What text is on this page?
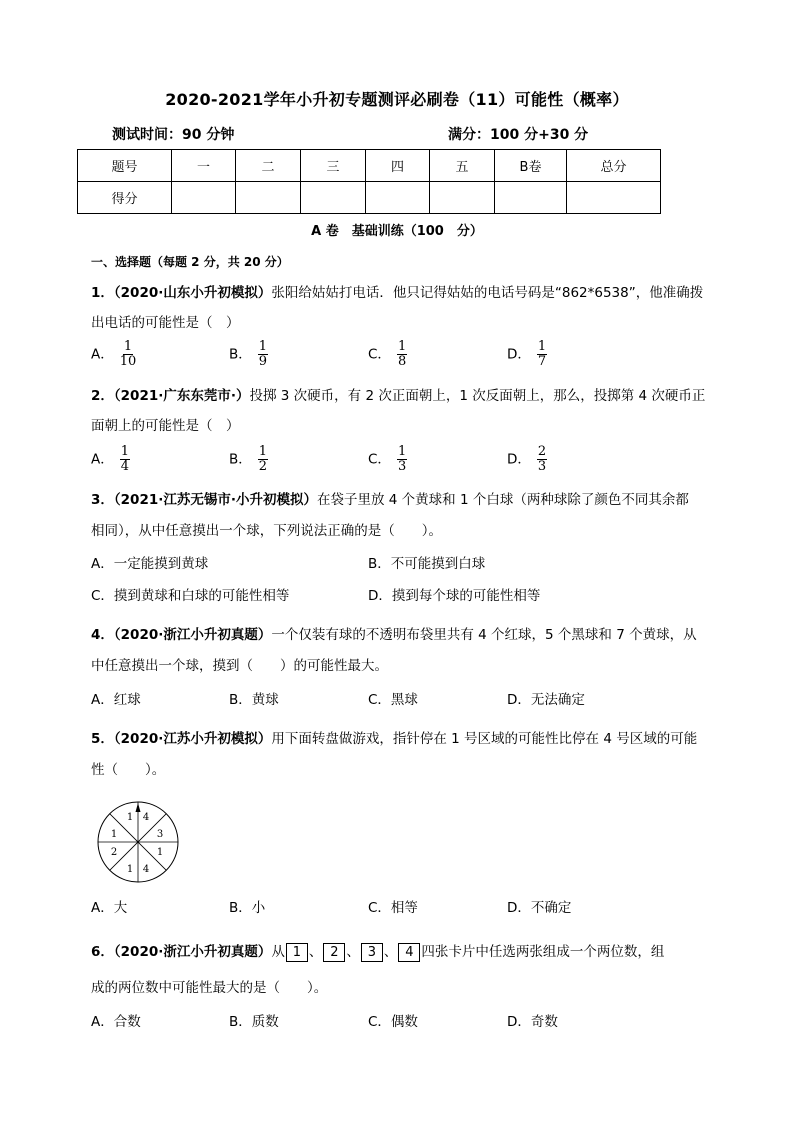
2020-2021学年小升初专题测评必刷卷（11）可能性（概率）
测试时间：90 分钟	满分：100 分+30 分
题号	一	二	三	四	五	B卷	总分
得分							
A 卷　基础训练（100　分）
一、选择题（每题 2 分，共 20 分）
1．（2020·山东小升初模拟）张阳给姑姑打电话．他只记得姑姑的电话号码是“862*6538”，他准确拨
出电话的可能性是（　）
A． $\frac{1}{10}$	B． $\frac{1}{9}$	C． $\frac{1}{8}$	D． $\frac{1}{7}$
2．（2021·广东东莞市·）投掷 3 次硬币，有 2 次正面朝上，1 次反面朝上，那么，投掷第 4 次硬币正
面朝上的可能性是（　）
A． $\frac{1}{4}$	B． $\frac{1}{2}$	C． $\frac{1}{3}$	D． $\frac{2}{3}$
3．（2021·江苏无锡市·小升初模拟）在袋子里放 4 个黄球和 1 个白球（两种球除了颜色不同其余都
相同），从中任意摸出一个球，下列说法正确的是（　　）。
A．一定能摸到黄球	B．不可能摸到白球
C．摸到黄球和白球的可能性相等	D．摸到每个球的可能性相等
4．（2020·浙江小升初真题）一个仅装有球的不透明布袋里共有 4 个红球，5 个黑球和 7 个黄球，从
中任意摸出一个球，摸到（　　）的可能性最大。
A．红球	B．黄球	C．黑球	D．无法确定
5．（2020·江苏小升初模拟）用下面转盘做游戏，指针停在 1 号区域的可能性比停在 4 号区域的可能
性（　　）。
4
3
1
4
1
2
1
1
A．大	B．小	C．相等	D．不确定
6．（2020·浙江小升初真题）从 1 、 2 、 3 、 4 四张卡片中任选两张组成一个两位数，组
成的两位数中可能性最大的是（　　）。
A．合数	B．质数	C．偶数	D．奇数
